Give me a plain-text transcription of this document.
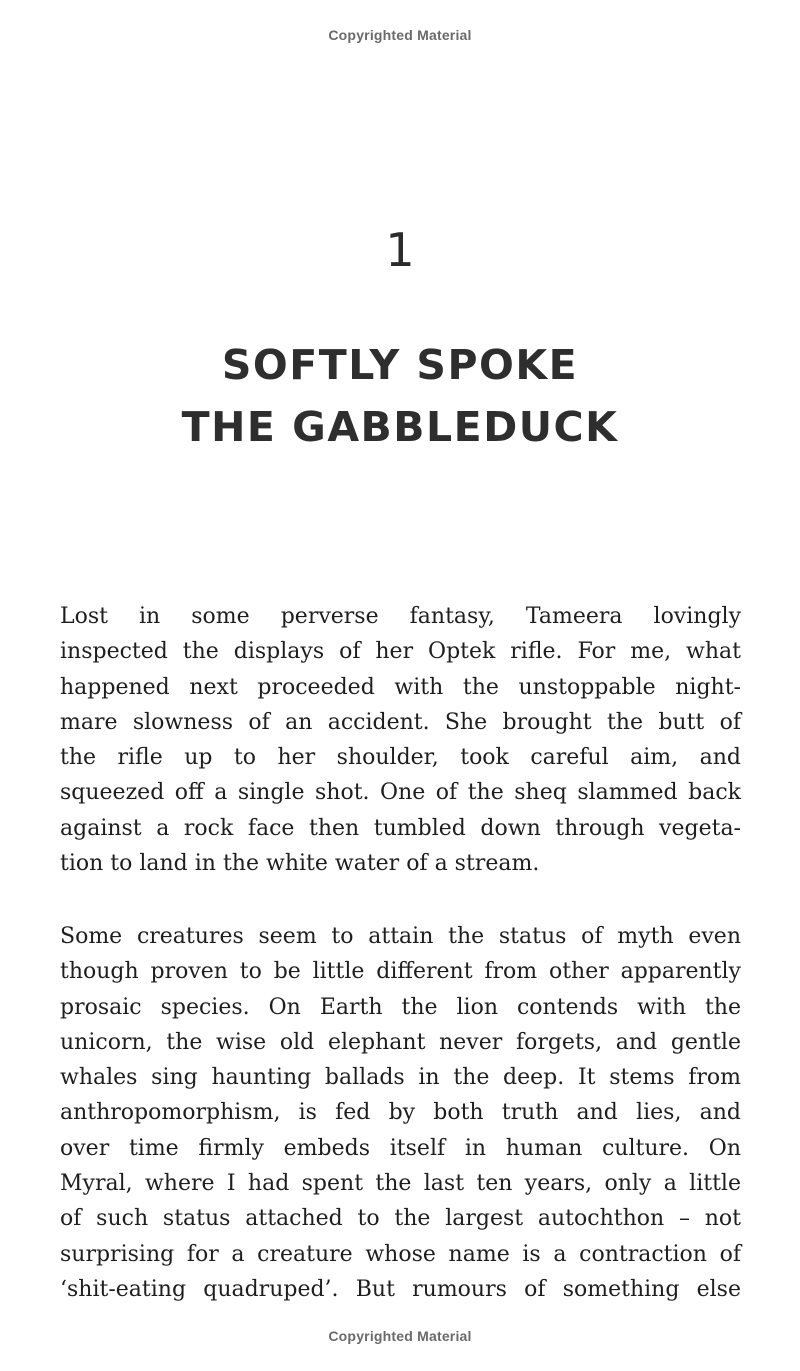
Copyrighted Material
1
SOFTLY SPOKE
THE GABBLEDUCK
Lost in some perverse fantasy, Tameera lovingly
inspected the displays of her Optek rifle. For me, what
happened next proceeded with the unstoppable night-
mare slowness of an accident. She brought the butt of
the rifle up to her shoulder, took careful aim, and
squeezed off a single shot. One of the sheq slammed back
against a rock face then tumbled down through vegeta-
tion to land in the white water of a stream.
Some creatures seem to attain the status of myth even
though proven to be little different from other apparently
prosaic species. On Earth the lion contends with the
unicorn, the wise old elephant never forgets, and gentle
whales sing haunting ballads in the deep. It stems from
anthropomorphism, is fed by both truth and lies, and
over time firmly embeds itself in human culture. On
Myral, where I had spent the last ten years, only a little
of such status attached to the largest autochthon – not
surprising for a creature whose name is a contraction of
‘shit-eating quadruped’. But rumours of something else
Copyrighted Material
